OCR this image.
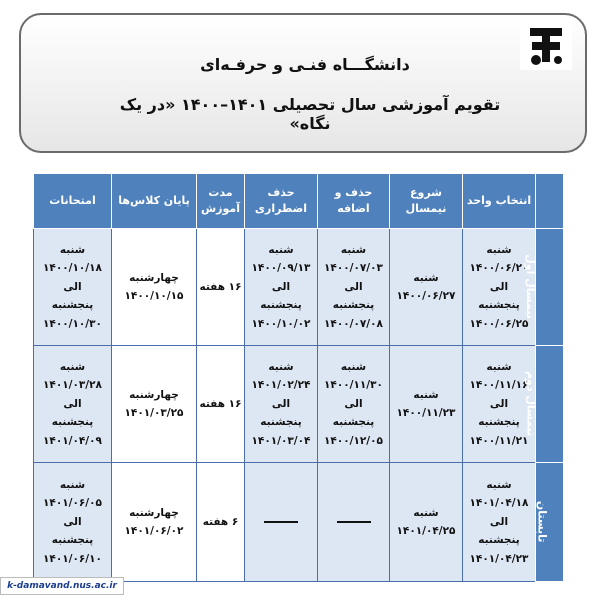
دانشگـــاه فنـی و حرفـه‌ای
تقویم آموزشی سال تحصیلی ۱۴۰۱–۱۴۰۰ «در یک نگاه»
	انتخاب واحد	شروع نیمسال	حذف و اضافه	حذف اضطراری	مدت آموزش	پایان کلاس‌ها	امتحانات
نیمسال اول	شنبه
۱۴۰۰/۰۶/۲۰
الی
پنجشنبه
۱۴۰۰/۰۶/۲۵	شنبه
۱۴۰۰/۰۶/۲۷	شنبه
۱۴۰۰/۰۷/۰۳
الی
پنجشنبه
۱۴۰۰/۰۷/۰۸	شنبه
۱۴۰۰/۰۹/۱۳
الی
پنجشنبه
۱۴۰۰/۱۰/۰۲	۱۶ هفته	چهارشنبه
۱۴۰۰/۱۰/۱۵	شنبه
۱۴۰۰/۱۰/۱۸
الی
پنجشنبه
۱۴۰۰/۱۰/۳۰

نیمسال دوم	شنبه
۱۴۰۰/۱۱/۱۶
الی
پنجشنبه
۱۴۰۰/۱۱/۲۱	شنبه
۱۴۰۰/۱۱/۲۳	شنبه
۱۴۰۰/۱۱/۳۰
الی
پنجشنبه
۱۴۰۰/۱۲/۰۵	شنبه
۱۴۰۱/۰۲/۲۴
الی
پنجشنبه
۱۴۰۱/۰۳/۰۴	۱۶ هفته	چهارشنبه
۱۴۰۱/۰۳/۲۵	شنبه
۱۴۰۱/۰۳/۲۸
الی
پنجشنبه
۱۴۰۱/۰۴/۰۹

تابستان	شنبه
۱۴۰۱/۰۴/۱۸
الی
پنجشنبه
۱۴۰۱/۰۴/۲۳	شنبه
۱۴۰۱/۰۴/۲۵			۶ هفته	چهارشنبه
۱۴۰۱/۰۶/۰۲	شنبه
۱۴۰۱/۰۶/۰۵
الی
پنجشنبه
۱۴۰۱/۰۶/۱۰
k-damavand.nus.ac.ir
